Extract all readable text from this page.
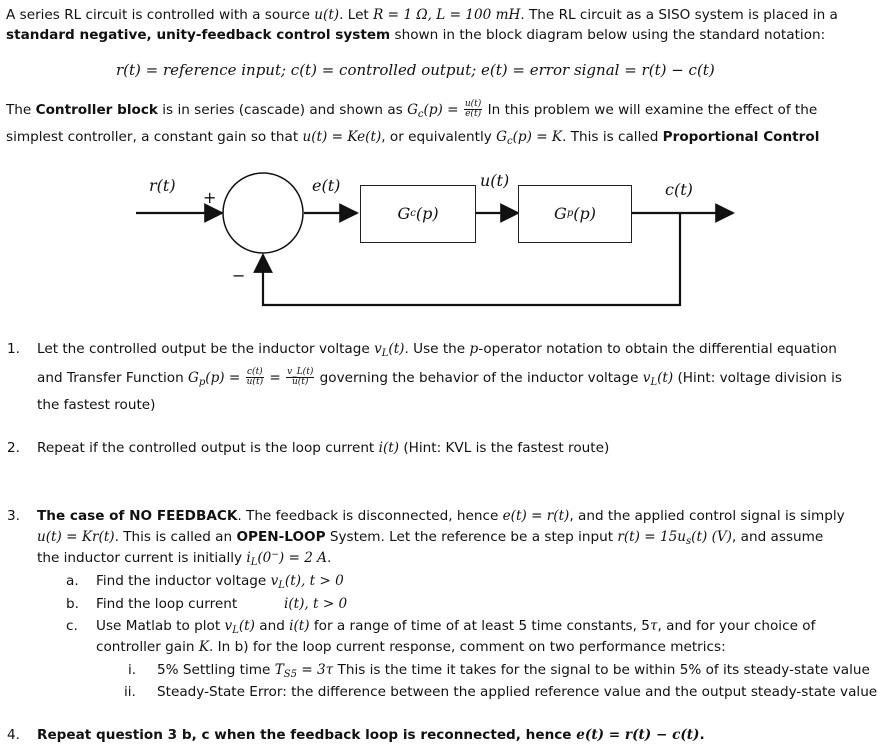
A series RL circuit is controlled with a source u(t). Let R = 1 Ω, L = 100 mH. The RL circuit as a SISO system is placed in a
standard negative, unity-feedback control system shown in the block diagram below using the standard notation:
r(t) = reference input; c(t) = controlled output; e(t) = error signal = r(t) − c(t)
The Controller block is in series (cascade) and shown as $G_c(p) = \frac{u(t)}{e(t)}$ In this problem we will examine the effect of the
simplest controller, a constant gain so that u(t) = Ke(t), or equivalently $G_c(p) = K$. This is called Proportional Control
r(t)
+
−
e(t)	u(t)	c(t)
G c (p)	G p (p)
1. Let the controlled output be the inductor voltage $v_L(t)$. Use the p-operator notation to obtain the differential equation
and Transfer Function $G_p(p) = \frac{c(t)}{u(t)} = \frac{v\_L(t)}{u(t)}$ governing the behavior of the inductor voltage $v_L(t)$ (Hint: voltage division is
the fastest route)
2. Repeat if the controlled output is the loop current i(t) (Hint: KVL is the fastest route)
3. The case of NO FEEDBACK. The feedback is disconnected, hence e(t) = r(t), and the applied control signal is simply
u(t) = Kr(t). This is called an OPEN-LOOP System. Let the reference be a step input $r(t) = 15u_s(t)$ (V), and assume
the inductor current is initially $i_L(0^-) = 2$ A.
a. Find the inductor voltage $v_L(t)$, t > 0
b. Find the loop current	i(t), t > 0
c. Use Matlab to plot $v_L(t)$ and i(t) for a range of time of at least 5 time constants, 5τ, and for your choice of
controller gain K. In b) for the loop current response, comment on two performance metrics:
i. 5% Settling time $T_{S5} = 3\tau$ This is the time it takes for the signal to be within 5% of its steady-state value
ii. Steady-State Error: the difference between the applied reference value and the output steady-state value
4. Repeat question 3 b, c when the feedback loop is reconnected, hence e(t) = r(t) − c(t).
